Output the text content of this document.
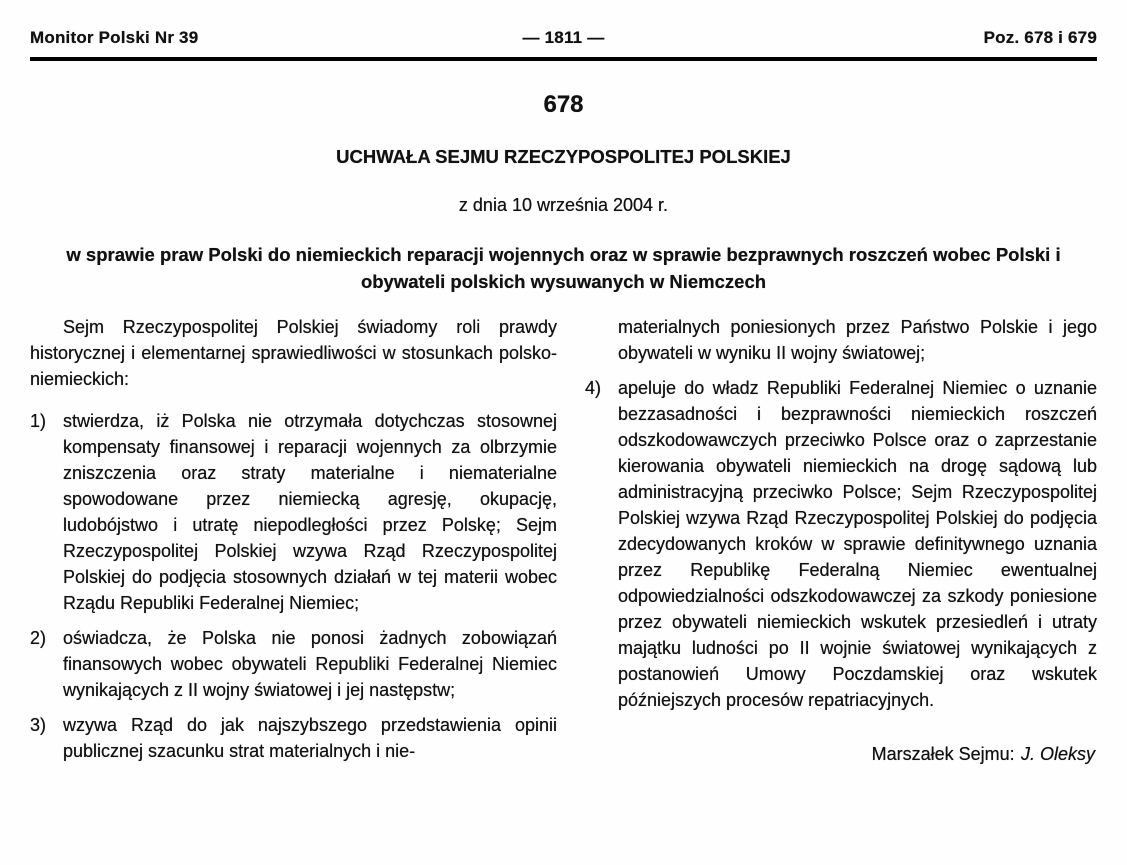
Monitor Polski Nr 39	— 1811 —	Poz. 678 i 679
678
UCHWAŁA SEJMU RZECZYPOSPOLITEJ POLSKIEJ
z dnia 10 września 2004 r.
w sprawie praw Polski do niemieckich reparacji wojennych oraz w sprawie bezprawnych roszczeń wobec Polski i obywateli polskich wysuwanych w Niemczech

Sejm Rzeczypospolitej Polskiej świadomy roli prawdy historycznej i elementarnej sprawiedliwości w stosunkach polsko-niemieckich:

1) stwierdza, iż Polska nie otrzymała dotychczas stosownej kompensaty finansowej i reparacji wojennych za olbrzymie zniszczenia oraz straty materialne i niematerialne spowodowane przez niemiecką agresję, okupację, ludobójstwo i utratę niepodległości przez Polskę; Sejm Rzeczypospolitej Polskiej wzywa Rząd Rzeczypospolitej Polskiej do podjęcia stosownych działań w tej materii wobec Rządu Republiki Federalnej Niemiec;

2) oświadcza, że Polska nie ponosi żadnych zobowiązań finansowych wobec obywateli Republiki Federalnej Niemiec wynikających z II wojny światowej i jej następstw;

3) wzywa Rząd do jak najszybszego przedstawienia opinii publicznej szacunku strat materialnych i nie-

materialnych poniesionych przez Państwo Polskie i jego obywateli w wyniku II wojny światowej;

4) apeluje do władz Republiki Federalnej Niemiec o uznanie bezzasadności i bezprawności niemieckich roszczeń odszkodowawczych przeciwko Polsce oraz o zaprzestanie kierowania obywateli niemieckich na drogę sądową lub administracyjną przeciwko Polsce; Sejm Rzeczypospolitej Polskiej wzywa Rząd Rzeczypospolitej Polskiej do podjęcia zdecydowanych kroków w sprawie definitywnego uznania przez Republikę Federalną Niemiec ewentualnej odpowiedzialności odszkodowawczej za szkody poniesione przez obywateli niemieckich wskutek przesiedleń i utraty majątku ludności po II wojnie światowej wynikających z postanowień Umowy Poczdamskiej oraz wskutek późniejszych procesów repatriacyjnych.

Marszałek Sejmu: J. Oleksy
